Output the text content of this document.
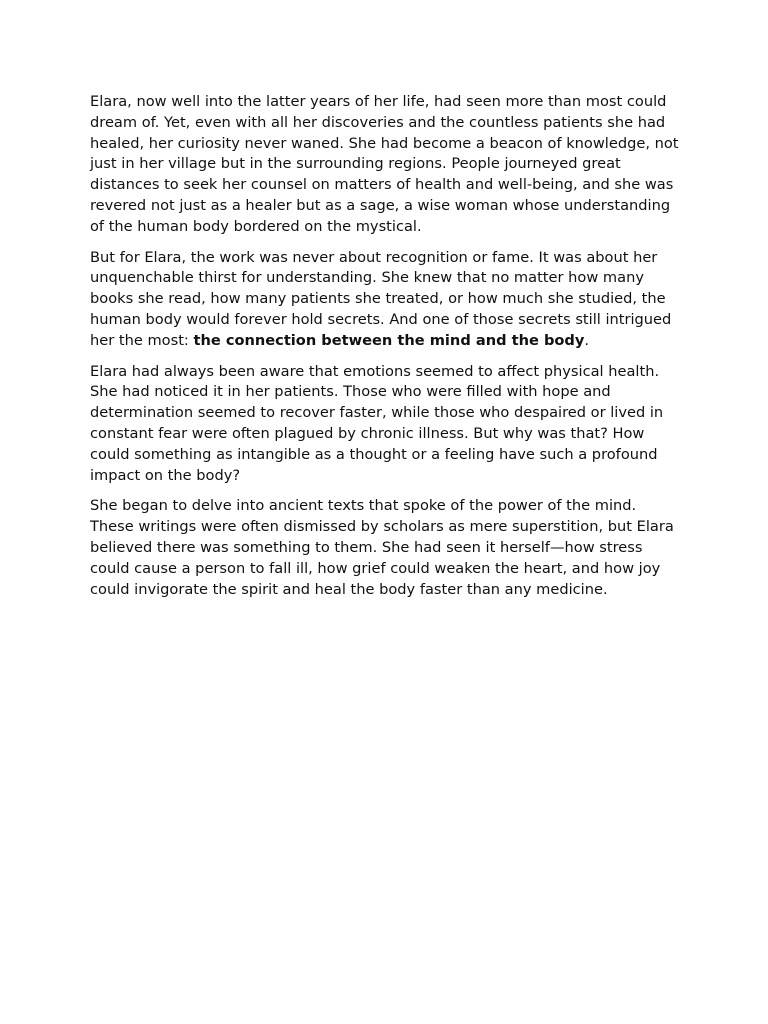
Elara, now well into the latter years of her life, had seen more than most could dream of. Yet, even with all her discoveries and the countless patients she had healed, her curiosity never waned. She had become a beacon of knowledge, not just in her village but in the surrounding regions. People journeyed great distances to seek her counsel on matters of health and well-being, and she was revered not just as a healer but as a sage, a wise woman whose understanding of the human body bordered on the mystical.

But for Elara, the work was never about recognition or fame. It was about her unquenchable thirst for understanding. She knew that no matter how many books she read, how many patients she treated, or how much she studied, the human body would forever hold secrets. And one of those secrets still intrigued her the most: the connection between the mind and the body.

Elara had always been aware that emotions seemed to affect physical health. She had noticed it in her patients. Those who were filled with hope and determination seemed to recover faster, while those who despaired or lived in constant fear were often plagued by chronic illness. But why was that? How could something as intangible as a thought or a feeling have such a profound impact on the body?

She began to delve into ancient texts that spoke of the power of the mind. These writings were often dismissed by scholars as mere superstition, but Elara believed there was something to them. She had seen it herself—how stress could cause a person to fall ill, how grief could weaken the heart, and how joy could invigorate the spirit and heal the body faster than any medicine.
